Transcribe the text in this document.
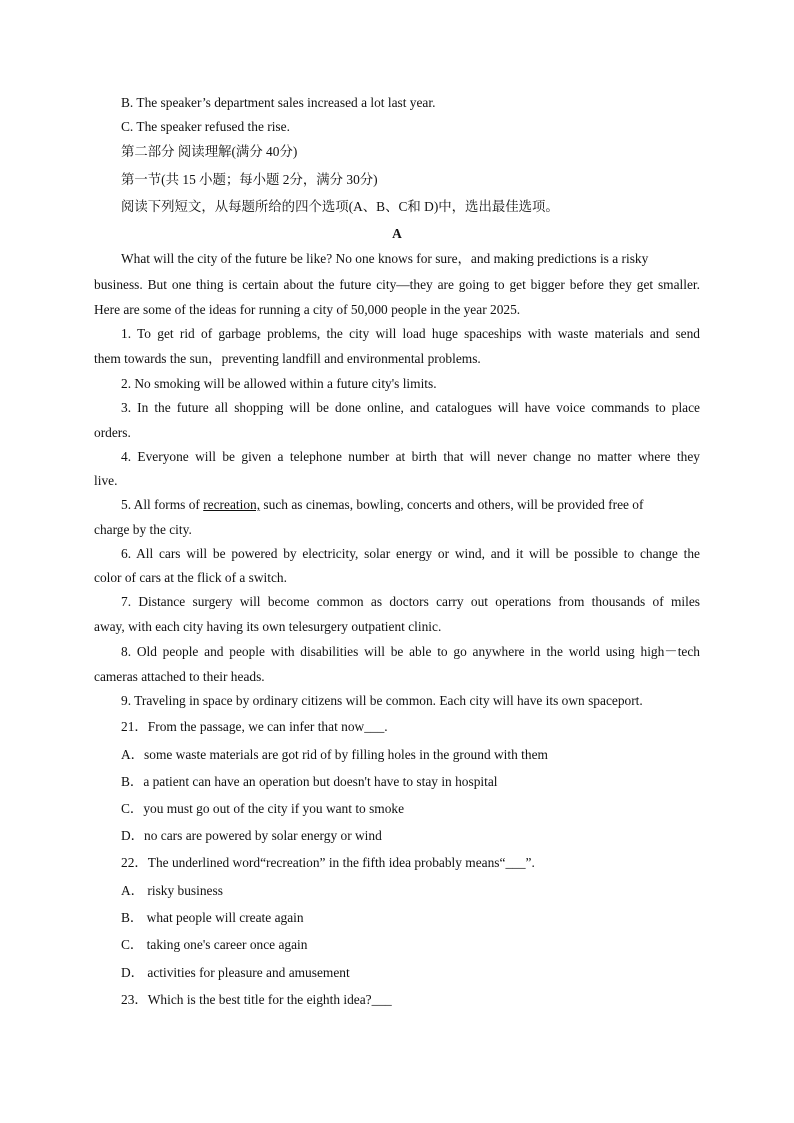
B. The speaker’s department sales increased a lot last year.
C. The speaker refused the rise.
第二部分 阅读理解(满分 40分)
第一节(共 15 小题；每小题 2分，满分 30分)
阅读下列短文，从每题所给的四个选项(A、B、C和 D)中，选出最佳选项。
A
What will the city of the future be like? No one knows for sure，and making predictions is a risky
business. But one thing is certain about the future city—they are going to get bigger before they get smaller.
Here are some of the ideas for running a city of 50,000 people in the year 2025.
1. To get rid of garbage problems, the city will load huge spaceships with waste materials and send
them towards the sun，preventing landfill and environmental problems.
2. No smoking will be allowed within a future city's limits.
3. In the future all shopping will be done online, and catalogues will have voice commands to place
orders.
4. Everyone will be given a telephone number at birth that will never change no matter where they
live.
5. All forms of recreation, such as cinemas, bowling, concerts and others, will be provided free of
charge by the city.
6. All cars will be powered by electricity, solar energy or wind, and it will be possible to change the
color of cars at the flick of a switch.
7. Distance surgery will become common as doctors carry out operations from thousands of miles
away, with each city having its own telesurgery outpatient clinic.
8. Old people and people with disabilities will be able to go anywhere in the world using high－tech
cameras attached to their heads.
9. Traveling in space by ordinary citizens will be common. Each city will have its own spaceport.
21．From the passage, we can infer that now___.
A．some waste materials are got rid of by filling holes in the ground with them
B．a patient can have an operation but doesn't have to stay in hospital
C．you must go out of the city if you want to smoke
D．no cars are powered by solar energy or wind
22．The underlined word“recreation” in the fifth idea probably means“___”.
A． risky business
B． what people will create again
C． taking one's career once again
D． activities for pleasure and amusement
23．Which is the best title for the eighth idea?___
